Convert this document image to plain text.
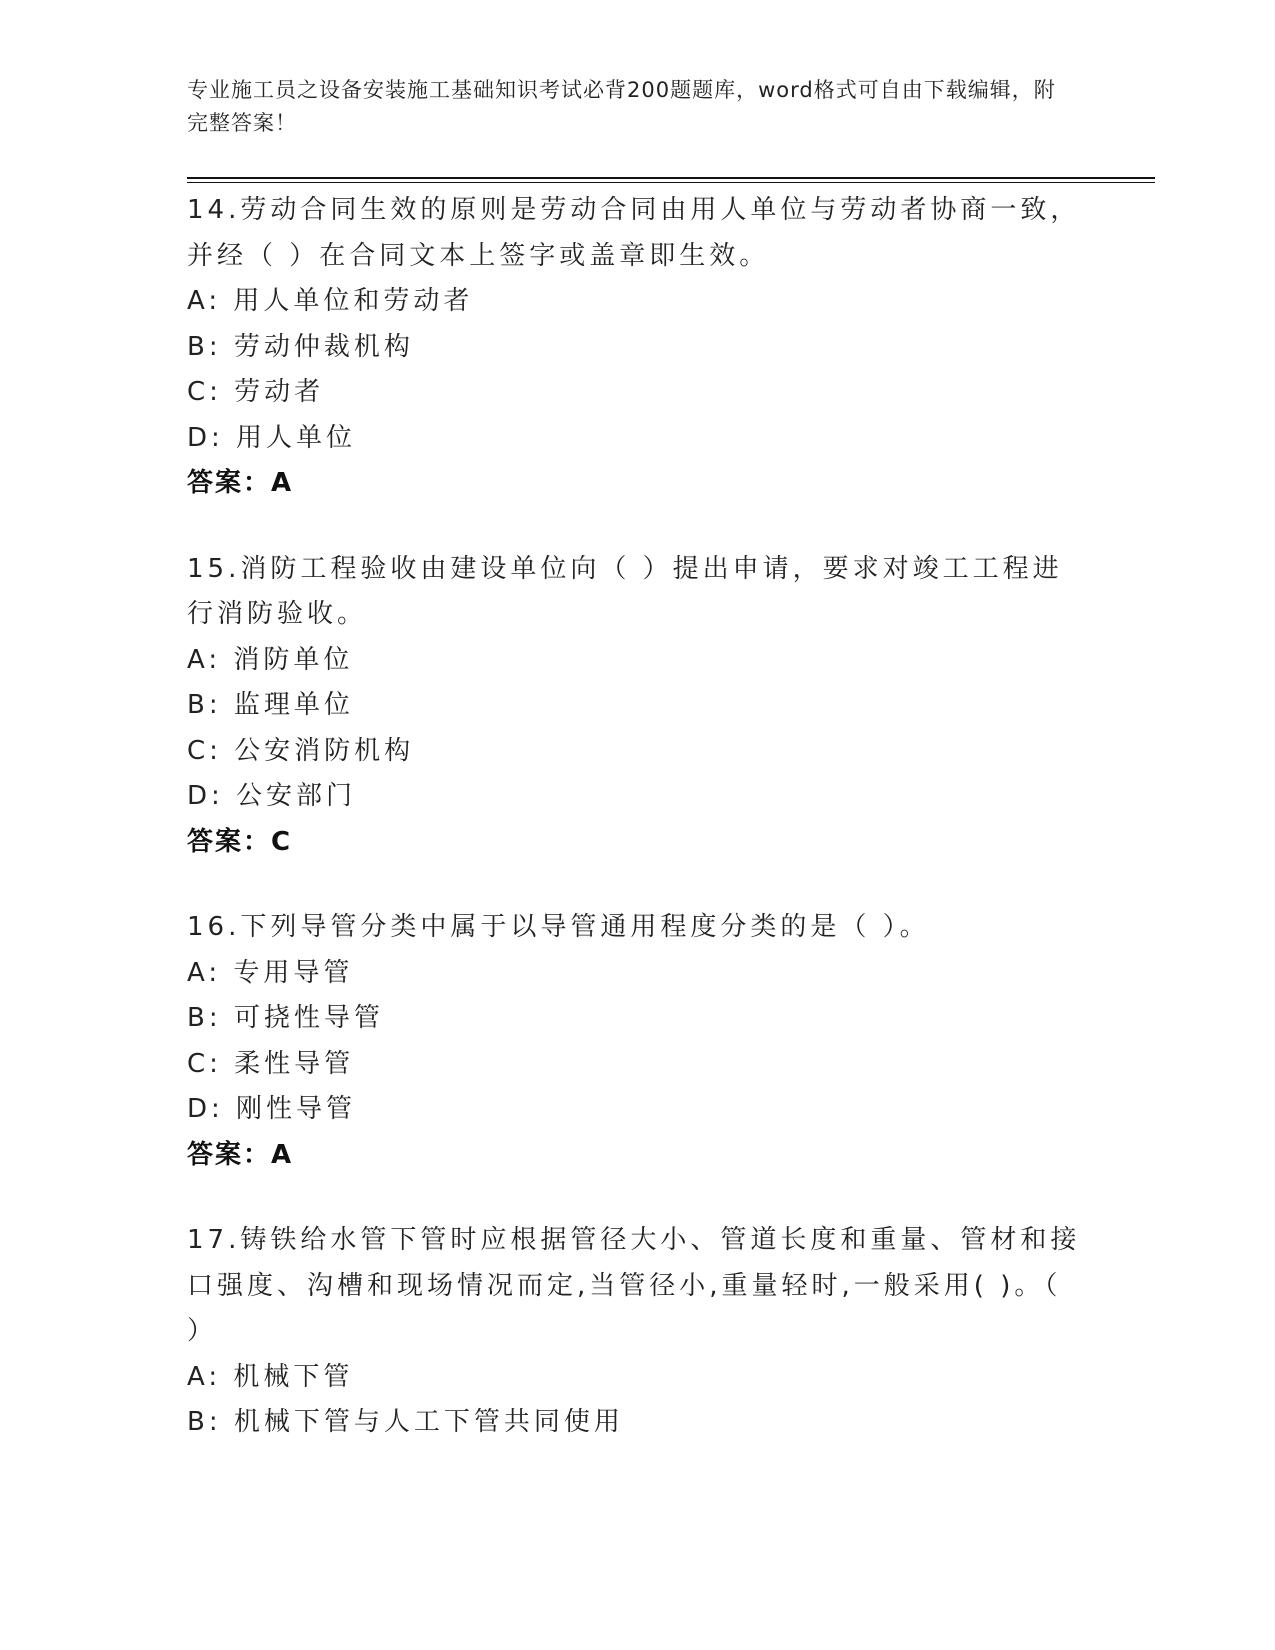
专业施工员之设备安装施工基础知识考试必背200题题库，word格式可自由下载编辑，附完整答案！
14.劳动合同生效的原则是劳动合同由用人单位与劳动者协商一致，并经（ ）在合同文本上签字或盖章即生效。
A: 用人单位和劳动者
B: 劳动仲裁机构
C: 劳动者
D: 用人单位
答案：A
15.消防工程验收由建设单位向（ ）提出申请，要求对竣工工程进行消防验收。
A: 消防单位
B: 监理单位
C: 公安消防机构
D: 公安部门
答案：C
16.下列导管分类中属于以导管通用程度分类的是（ ）。
A: 专用导管
B: 可挠性导管
C: 柔性导管
D: 刚性导管
答案：A
17.铸铁给水管下管时应根据管径大小、管道长度和重量、管材和接口强度、沟槽和现场情况而定,当管径小,重量轻时,一般采用( )。（ ）
A: 机械下管
B: 机械下管与人工下管共同使用
